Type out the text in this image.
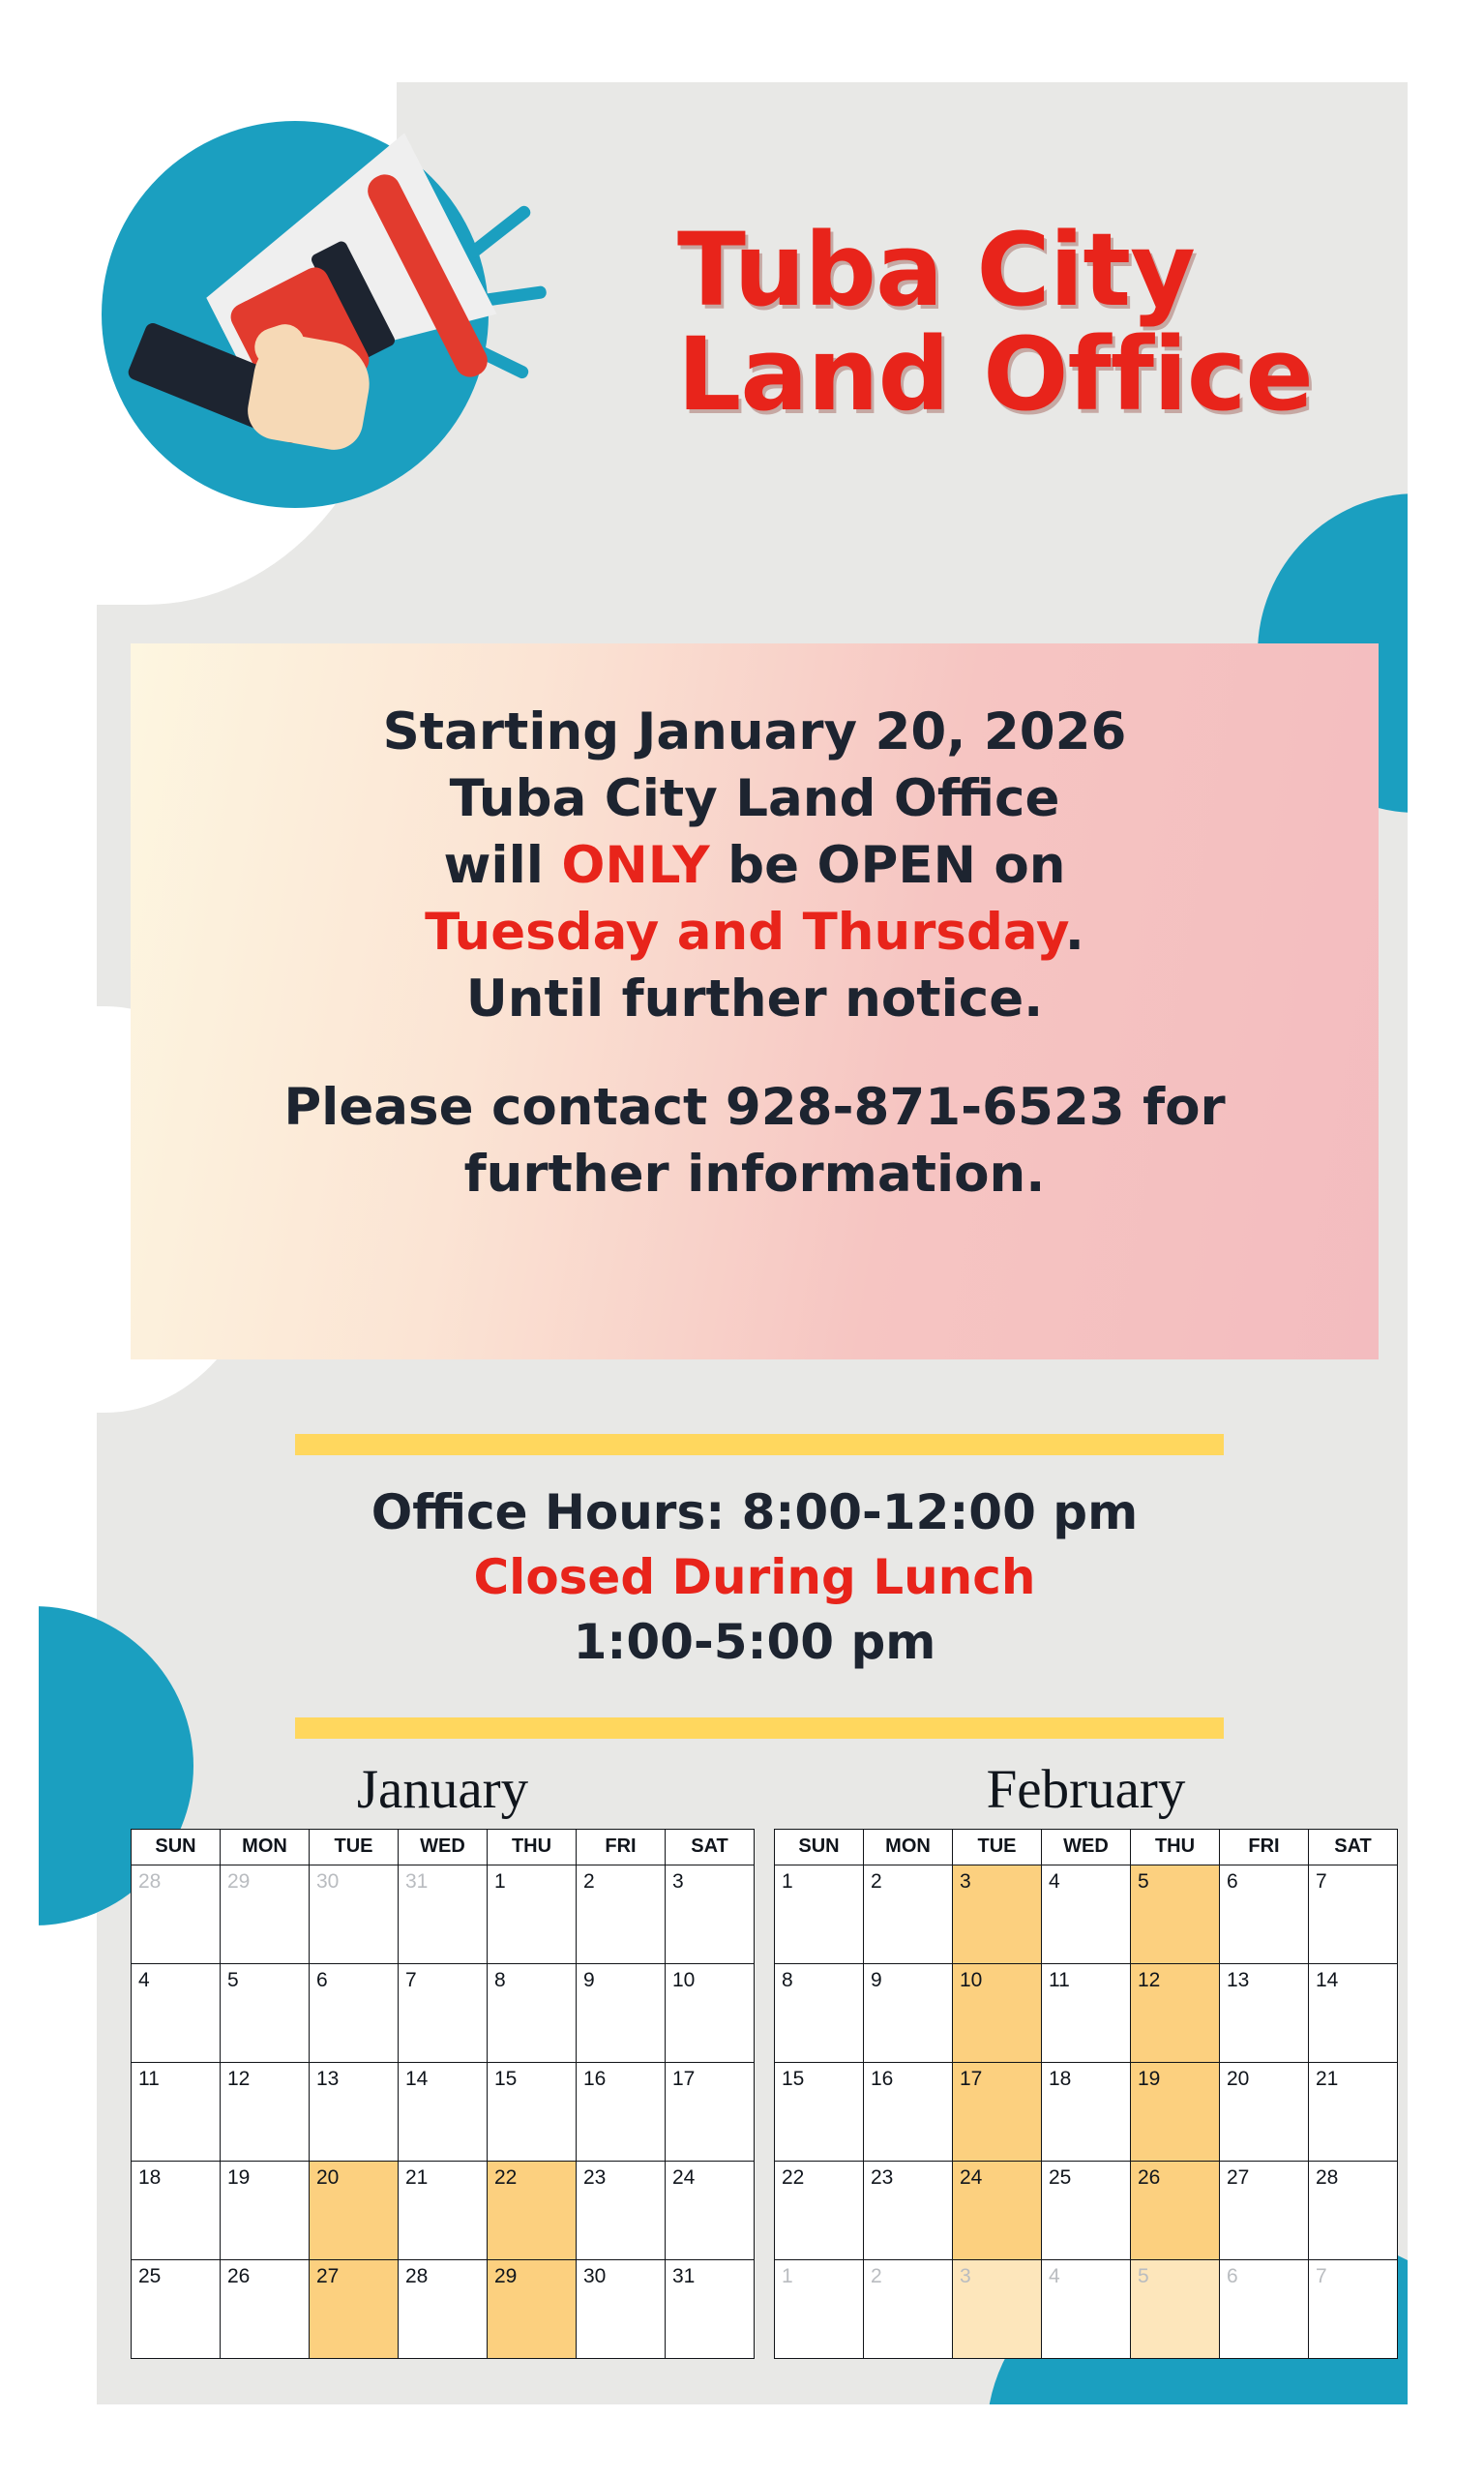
Tuba City
Land Office
Starting January 20, 2026
Tuba City Land Office
will ONLY be OPEN on
Tuesday and Thursday.
Until further notice.
Please contact 928-871-6523 for
further information.
Office Hours: 8:00-12:00 pm
Closed During Lunch
1:00-5:00 pm
January
SUN	MON	TUE	WED	THU	FRI	SAT
28	29	30	31	1	2	3
4	5	6	7	8	9	10
11	12	13	14	15	16	17
18	19	20	21	22	23	24
25	26	27	28	29	30	31
February
SUN	MON	TUE	WED	THU	FRI	SAT
1	2	3	4	5	6	7
8	9	10	11	12	13	14
15	16	17	18	19	20	21
22	23	24	25	26	27	28
1	2	3	4	5	6	7
